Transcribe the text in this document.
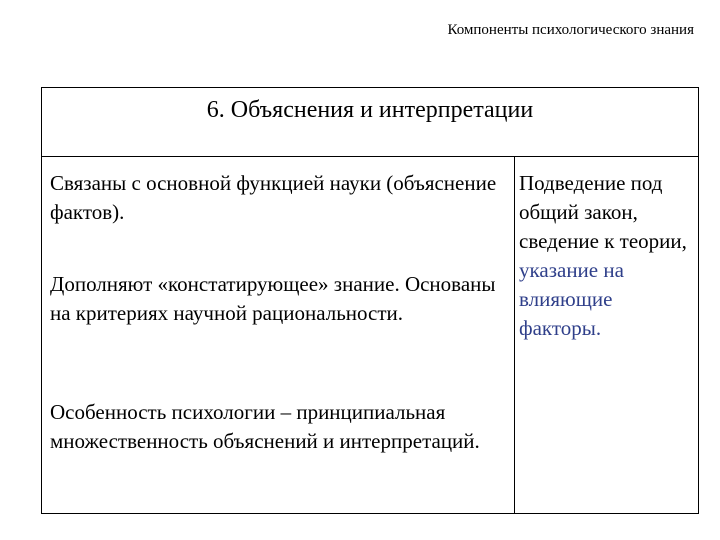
Компоненты психологического знания
6. Объяснения и интерпретации
Связаны с основной функцией науки (объяснение фактов).
Дополняют «констатирующее» знание. Основаны на критериях научной рациональности.
Особенность психологии – принципиальная множественность объяснений и интерпретаций.
Подведение под общий закон, сведение к теории, указание на влияющие факторы.
